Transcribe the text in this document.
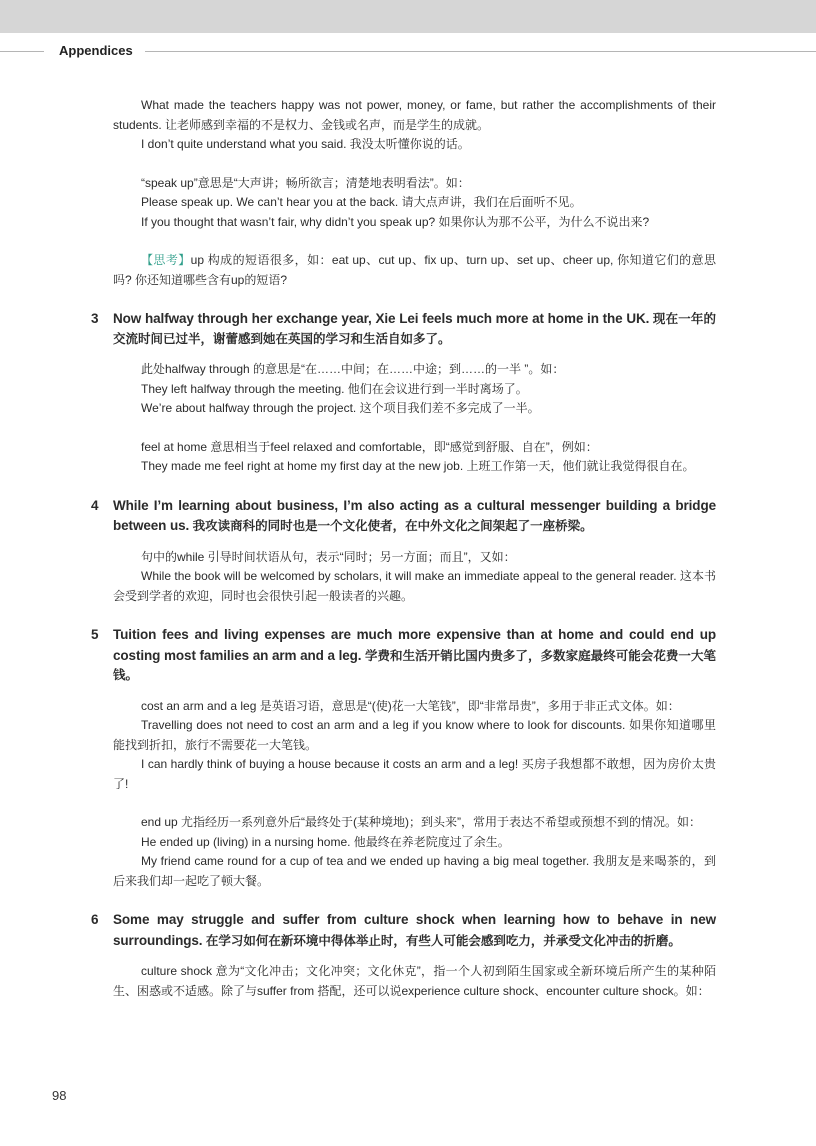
Appendices

What made the teachers happy was not power, money, or fame, but rather the accomplishments of their students. 让老师感到幸福的不是权力、金钱或名声，而是学生的成就。

I don’t quite understand what you said. 我没太听懂你说的话。

“speak up”意思是“大声讲；畅所欲言；清楚地表明看法”。如：

Please speak up. We can’t hear you at the back. 请大点声讲，我们在后面听不见。

If you thought that wasn’t fair, why didn’t you speak up? 如果你认为那不公平，为什么不说出来?

【思考】up 构成的短语很多，如：eat up、cut up、fix up、turn up、set up、cheer up, 你知道它们的意思吗? 你还知道哪些含有up的短语?

3 Now halfway through her exchange year, Xie Lei feels much more at home in the UK. 现在一年的交流时间已过半，谢蕾感到她在英国的学习和生活自如多了。

此处halfway through 的意思是“在……中间；在……中途；到……的一半 ”。如：

They left halfway through the meeting. 他们在会议进行到一半时离场了。

We’re about halfway through the project. 这个项目我们差不多完成了一半。

feel at home 意思相当于feel relaxed and comfortable，即“感觉到舒服、自在”，例如：

They made me feel right at home my first day at the new job. 上班工作第一天，他们就让我觉得很自在。

4 While I’m learning about business, I’m also acting as a cultural messenger building a bridge between us. 我攻读商科的同时也是一个文化使者，在中外文化之间架起了一座桥梁。

句中的while 引导时间状语从句，表示“同时；另一方面；而且”，又如：

While the book will be welcomed by scholars, it will make an immediate appeal to the general reader. 这本书会受到学者的欢迎，同时也会很快引起一般读者的兴趣。

5 Tuition fees and living expenses are much more expensive than at home and could end up costing most families an arm and a leg. 学费和生活开销比国内贵多了，多数家庭最终可能会花费一大笔钱。

cost an arm and a leg 是英语习语，意思是“(使)花一大笔钱”，即“非常昂贵”，多用于非正式文体。如：

Travelling does not need to cost an arm and a leg if you know where to look for discounts. 如果你知道哪里能找到折扣，旅行不需要花一大笔钱。

I can hardly think of buying a house because it costs an arm and a leg! 买房子我想都不敢想，因为房价太贵了!

end up 尤指经历一系列意外后“最终处于(某种境地)；到头来”，常用于表达不希望或预想不到的情况。如：

He ended up (living) in a nursing home. 他最终在养老院度过了余生。

My friend came round for a cup of tea and we ended up having a big meal together. 我朋友是来喝茶的，到后来我们却一起吃了顿大餐。

6 Some may struggle and suffer from culture shock when learning how to behave in new surroundings. 在学习如何在新环境中得体举止时，有些人可能会感到吃力，并承受文化冲击的折磨。

culture shock 意为“文化冲击；文化冲突；文化休克”，指一个人初到陌生国家或全新环境后所产生的某种陌生、困惑或不适感。除了与suffer from 搭配，还可以说experience culture shock、encounter culture shock。如：

98
